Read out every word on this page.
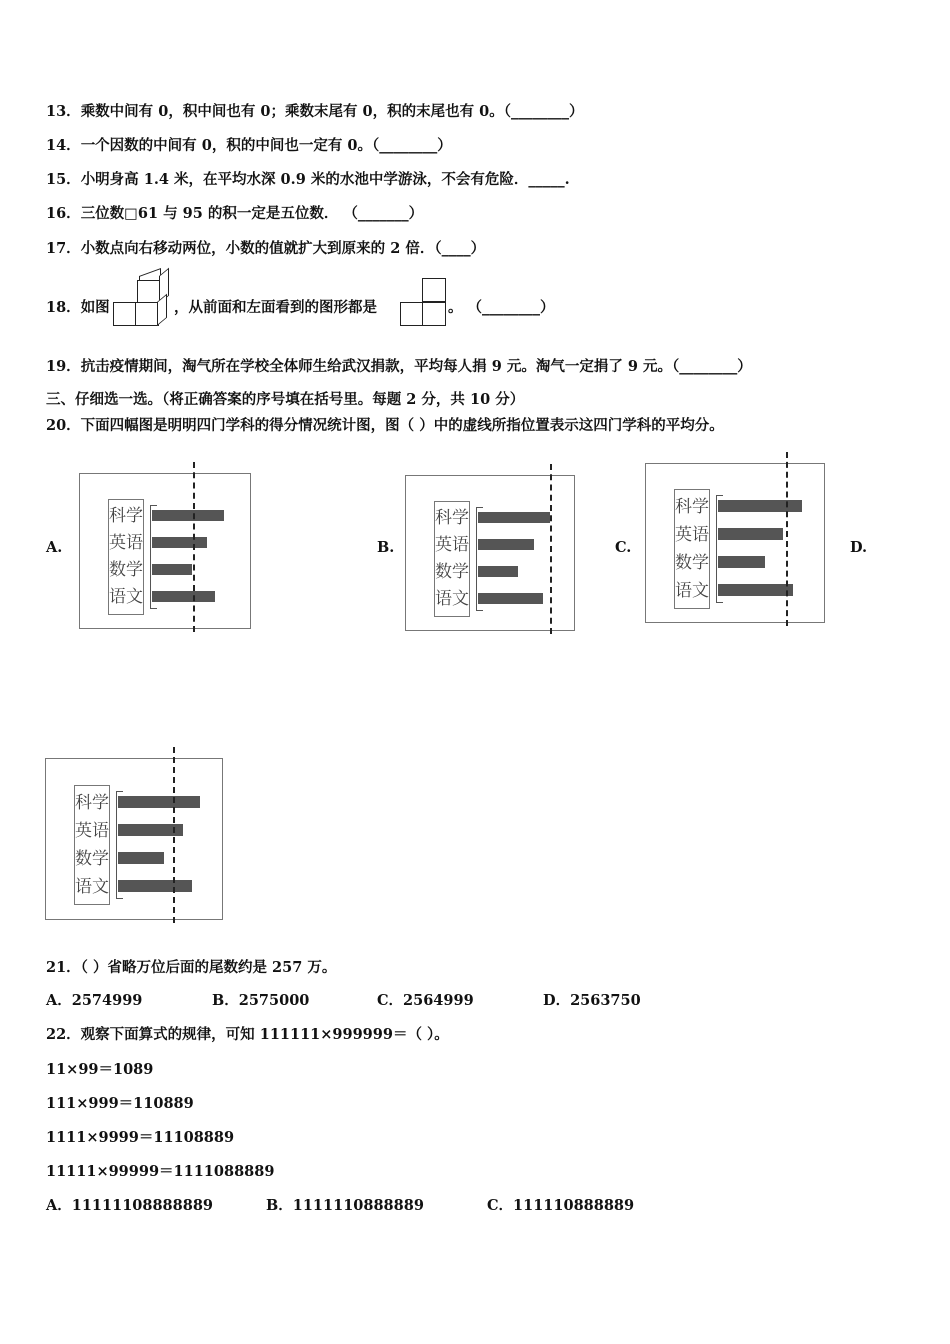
13．乘数中间有 0，积中间也有 0；乘数末尾有 0，积的末尾也有 0。（________）
14．一个因数的中间有 0，积的中间也一定有 0。（________）
15．小明身高 1.4 米，在平均水深 0.9 米的水池中学游泳，不会有危险．_____.
16．三位数□61 与 95 的积一定是五位数． （_______）
17．小数点向右移动两位，小数的值就扩大到原来的 2 倍．（____）
18．如图	，从前面和左面看到的图形都是	。 （________）
19．抗击疫情期间，淘气所在学校全体师生给武汉捐款，平均每人捐 9 元。淘气一定捐了 9 元。（________）
三、仔细选一选。（将正确答案的序号填在括号里。每题 2 分，共 10 分）
20．下面四幅图是明明四门学科的得分情况统计图，图（ ）中的虚线所指位置表示这四门学科的平均分。
A.	B.	C.	D.
科学
英语
数学
语文
科学
英语
数学
语文
科学
英语
数学
语文
科学
英语
数学
语文
21．（ ）省略万位后面的尾数约是 257 万。
A．2574999	B．2575000	C．2564999	D．2563750
22．观察下面算式的规律，可知 111111×999999＝（ ）。
11×99＝1089
111×999＝110889
1111×9999＝11108889
11111×99999＝1111088889
A．11111108888889	B．1111110888889	C．111110888889
